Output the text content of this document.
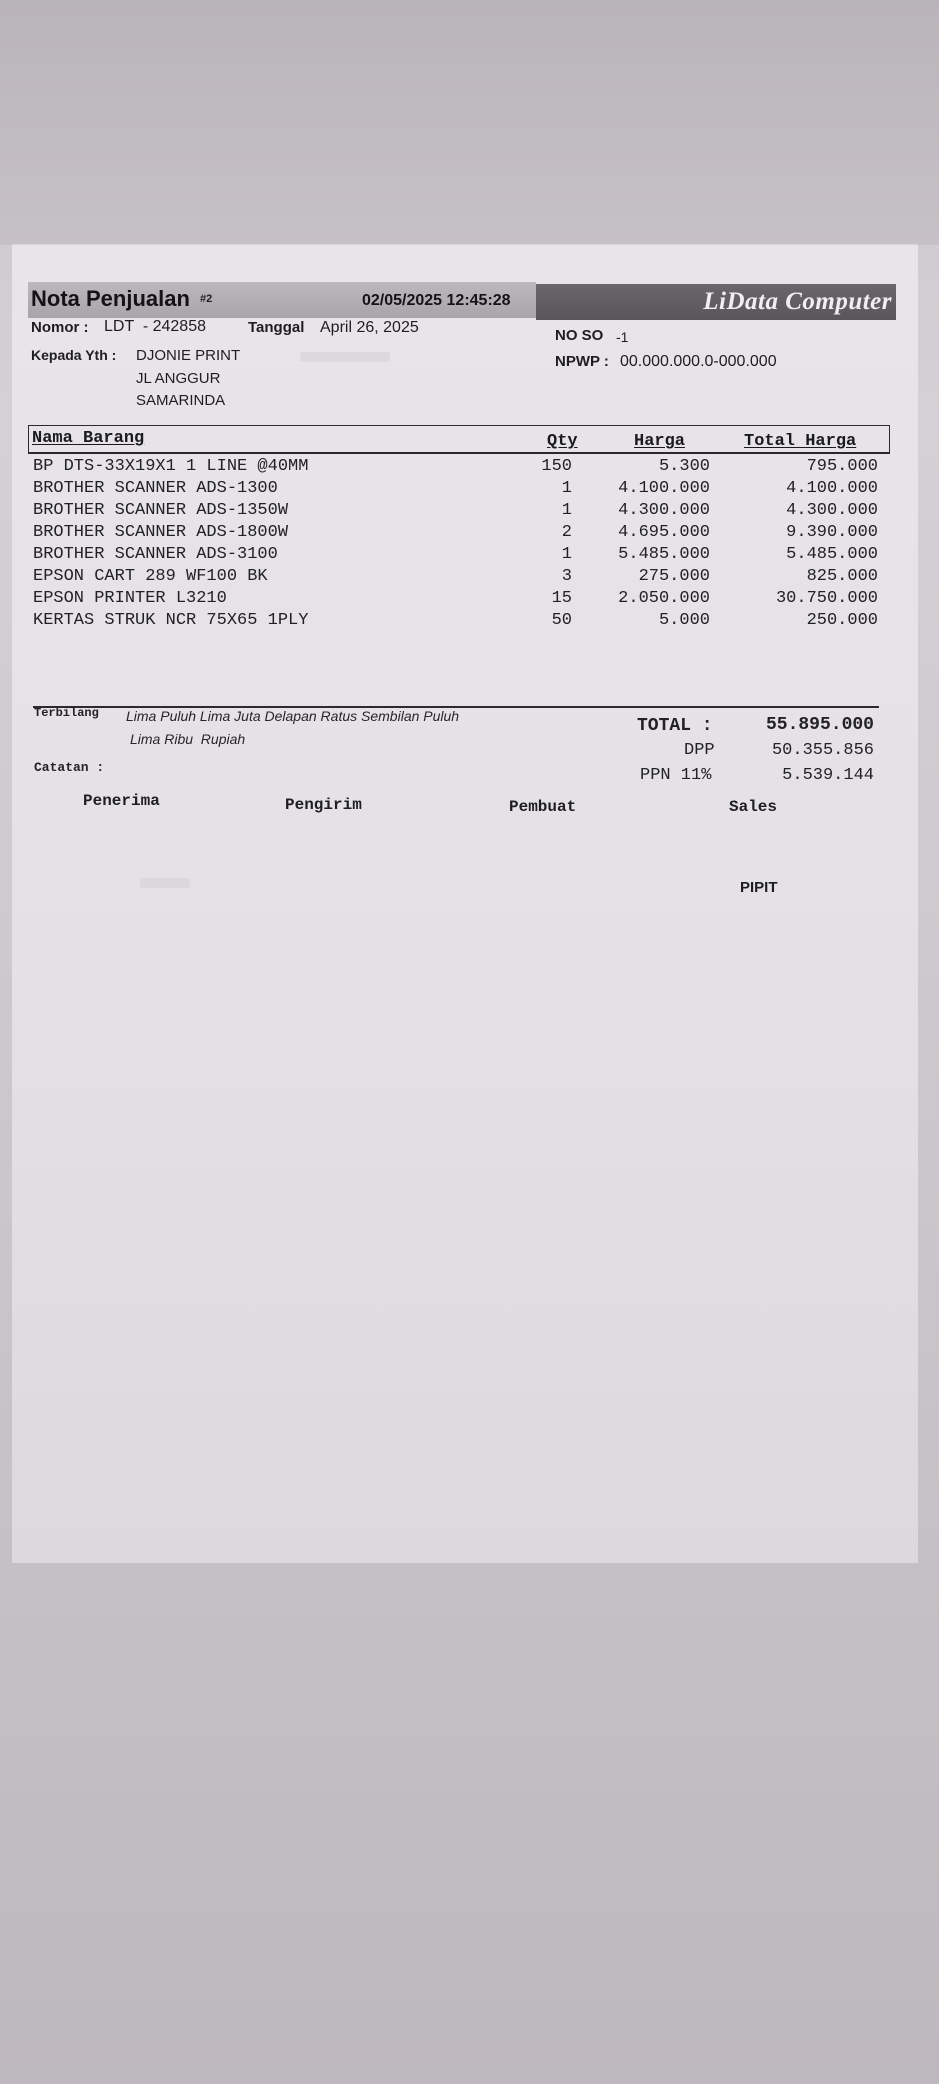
Nota Penjualan #2	02/05/2025 12:45:28	LiData Computer
Nomor : LDT  - 242858	Tanggal April 26, 2025	NO SO -1
NPWP : 00.000.000.0-000.000
Kepada Yth : DJONIE PRINT
JL ANGGUR
SAMARINDA
Nama Barang	Qty	Harga	Total Harga
BP DTS-33X19X1 1 LINE @40MM	150	5.300	795.000
BROTHER SCANNER ADS-1300	1	4.100.000	4.100.000
BROTHER SCANNER ADS-1350W	1	4.300.000	4.300.000
BROTHER SCANNER ADS-1800W	2	4.695.000	9.390.000
BROTHER SCANNER ADS-3100	1	5.485.000	5.485.000
EPSON CART 289 WF100 BK	3	275.000	825.000
EPSON PRINTER L3210	15	2.050.000	30.750.000
KERTAS STRUK NCR 75X65 1PLY	50	5.000	250.000
Terbilang Lima Puluh Lima Juta Delapan Ratus Sembilan Puluh
Lima Ribu  Rupiah
Catatan :
TOTAL :	55.895.000
DPP	50.355.856
PPN 11%	5.539.144
Penerima	Pengirim	Pembuat	Sales
PIPIT
